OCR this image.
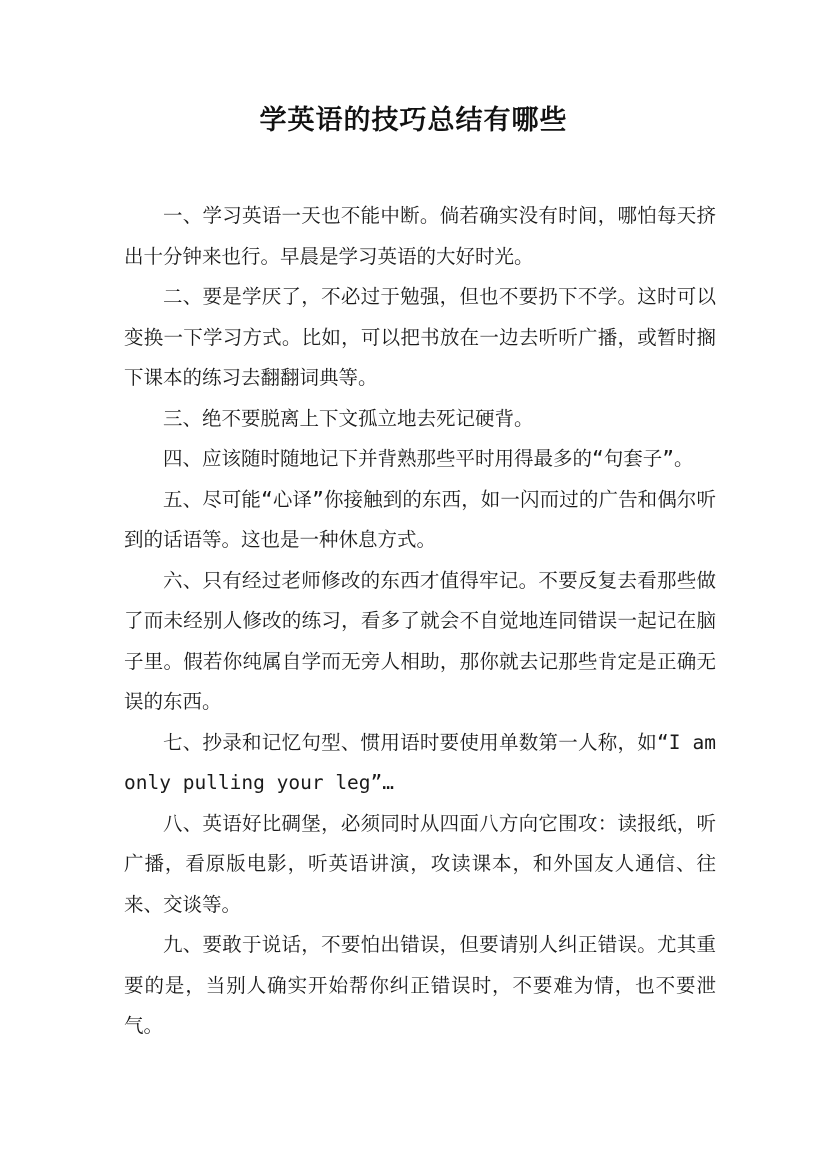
学英语的技巧总结有哪些

一、学习英语一天也不能中断。倘若确实没有时间，哪怕每天挤出十分钟来也行。早晨是学习英语的大好时光。

二、要是学厌了，不必过于勉强，但也不要扔下不学。这时可以变换一下学习方式。比如，可以把书放在一边去听听广播，或暂时搁下课本的练习去翻翻词典等。

三、绝不要脱离上下文孤立地去死记硬背。

四、应该随时随地记下并背熟那些平时用得最多的“句套子”。

五、尽可能“心译”你接触到的东西，如一闪而过的广告和偶尔听到的话语等。这也是一种休息方式。

六、只有经过老师修改的东西才值得牢记。不要反复去看那些做了而未经别人修改的练习，看多了就会不自觉地连同错误一起记在脑子里。假若你纯属自学而无旁人相助，那你就去记那些肯定是正确无误的东西。

七、抄录和记忆句型、惯用语时要使用单数第一人称，如“I am only pulling your leg”…

八、英语好比碉堡，必须同时从四面八方向它围攻：读报纸，听广播，看原版电影，听英语讲演，攻读课本，和外国友人通信、往来、交谈等。

九、要敢于说话，不要怕出错误，但要请别人纠正错误。尤其重要的是，当别人确实开始帮你纠正错误时，不要难为情，也不要泄气。
